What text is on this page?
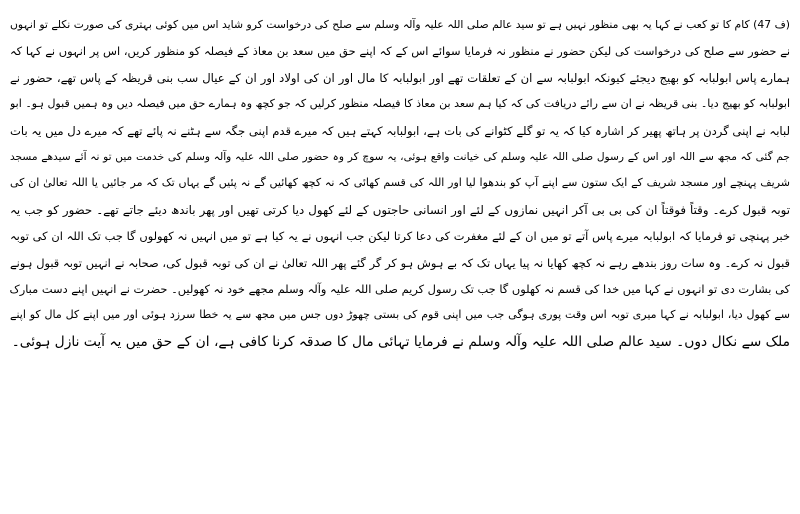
(ف 47) کام کا تو کعب نے کہا یہ بھی منظور نہیں ہے تو سید عالم صلی اللہ علیہ وآلہ وسلم سے صلح کی درخواست کرو شاید اس میں کوئی بہتری کی صورت نکلے تو انہوں
نے حضور سے صلح کی درخواست کی لیکن حضور نے منظور نہ فرمایا سوائے اس کے کہ اپنے حق میں سعد بن معاذ کے فیصلہ کو منظور کریں، اس پر انہوں نے کہا کہ
ہمارے پاس ابولبابہ کو بھیج دیجئے کیونکہ ابولبابہ سے ان کے تعلقات تھے اور ابولبابہ کا مال اور ان کی اولاد اور ان کے عیال سب بنی قریظہ کے پاس تھے، حضور نے
ابولبابہ کو بھیج دیا۔ بنی قریظہ نے ان سے رائے دریافت کی کہ کیا ہم سعد بن معاذ کا فیصلہ منظور کرلیں کہ جو کچھ وہ ہمارے حق میں فیصلہ دیں وہ ہمیں قبول ہو۔ ابو
لبابہ نے اپنی گردن پر ہاتھ پھیر کر اشارہ کیا کہ یہ تو گلے کٹوانے کی بات ہے، ابولبابہ کہتے ہیں کہ میرے قدم اپنی جگہ سے ہٹنے نہ پائے تھے کہ میرے دل میں یہ بات
جم گئی کہ مجھ سے اللہ اور اس کے رسول صلی اللہ علیہ وسلم کی خیانت واقع ہوئی، یہ سوچ کر وہ حضور صلی اللہ علیہ وآلہ وسلم کی خدمت میں تو نہ آئے سیدھے مسجد
شریف پہنچے اور مسجد شریف کے ایک ستون سے اپنے آپ کو بندھوا لیا اور اللہ کی قسم کھائی کہ نہ کچھ کھائیں گے نہ پئیں گے یہاں تک کہ مر جائیں یا اللہ تعالیٰ ان کی
توبہ قبول کرے۔ وقتاً فوقتاً ان کی بی بی آکر انہیں نمازوں کے لئے اور انسانی حاجتوں کے لئے کھول دیا کرتی تھیں اور پھر باندھ دیئے جاتے تھے۔ حضور کو جب یہ
خبر پہنچی تو فرمایا کہ ابولبابہ میرے پاس آتے تو میں ان کے لئے مغفرت کی دعا کرتا لیکن جب انہوں نے یہ کیا ہے تو میں انہیں نہ کھولوں گا جب تک اللہ ان کی توبہ
قبول نہ کرے۔ وہ سات روز بندھے رہے نہ کچھ کھایا نہ پیا یہاں تک کہ بے ہوش ہو کر گر گئے پھر اللہ تعالیٰ نے ان کی توبہ قبول کی، صحابہ نے انہیں توبہ قبول ہونے
کی بشارت دی تو انہوں نے کہا میں خدا کی قسم نہ کھلوں گا جب تک رسول کریم صلی اللہ علیہ وآلہ وسلم مجھے خود نہ کھولیں۔ حضرت نے انہیں اپنے دست مبارک
سے کھول دیا، ابولبابہ نے کہا میری توبہ اس وقت پوری ہوگی جب میں اپنی قوم کی بستی چھوڑ دوں جس میں مجھ سے یہ خطا سرزد ہوئی اور میں اپنے کل مال کو اپنے
ملک سے نکال دوں۔ سید عالم صلی اللہ علیہ وآلہ وسلم نے فرمایا تہائی مال کا صدقہ کرنا کافی ہے، ان کے حق میں یہ آیت نازل ہوئی۔
